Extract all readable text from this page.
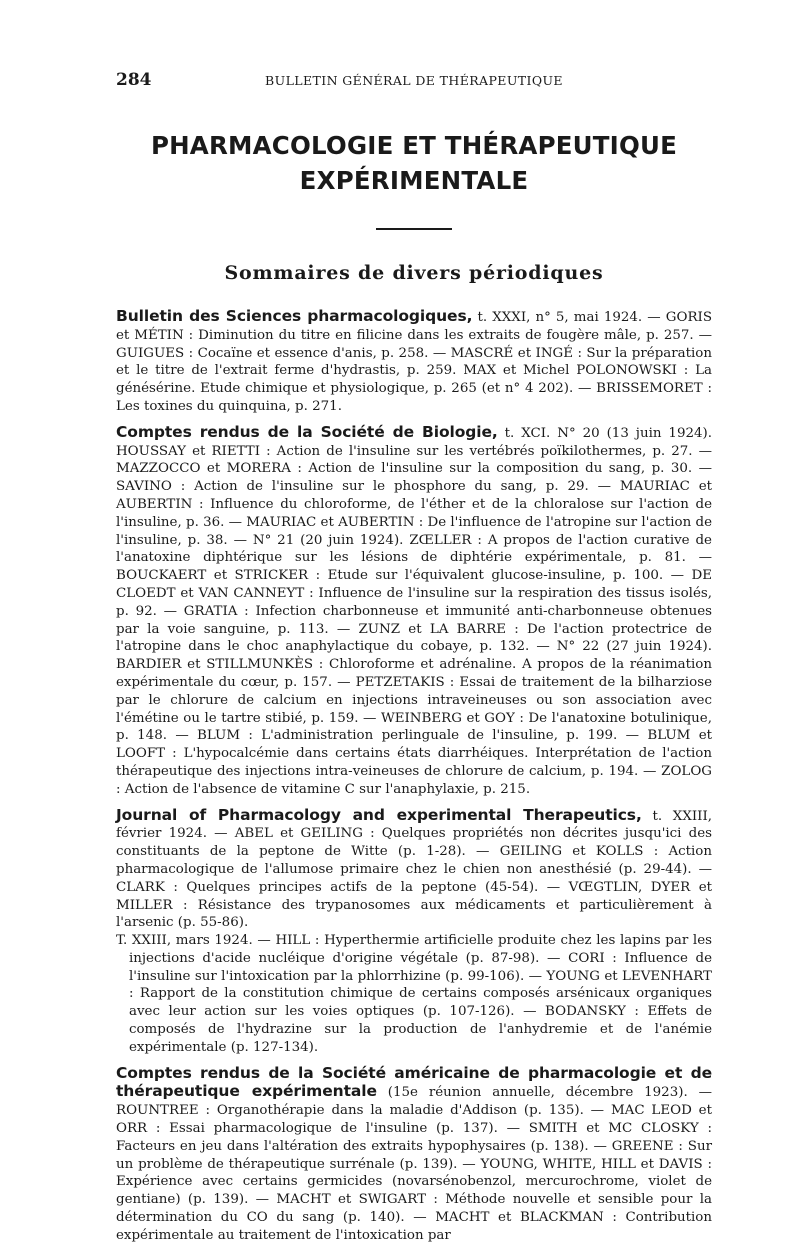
284	BULLETIN GÉNÉRAL DE THÉRAPEUTIQUE
PHARMACOLOGIE ET THÉRAPEUTIQUE
EXPÉRIMENTALE
Sommaires de divers périodiques

Bulletin des Sciences pharmacologiques, t. XXXI, n° 5, mai 1924. — GORIS et MÉTIN : Diminution du titre en filicine dans les extraits de fougère mâle, p. 257. — GUIGUES : Cocaïne et essence d'anis, p. 258. — MASCRÉ et INGÉ : Sur la préparation et le titre de l'extrait ferme d'hydrastis, p. 259. MAX et Michel POLONOWSKI : La génésérine. Etude chimique et physiologique, p. 265 (et n° 4 202). — BRISSEMORET : Les toxines du quinquina, p. 271.

Comptes rendus de la Société de Biologie, t. XCI. N° 20 (13 juin 1924). HOUSSAY et RIETTI : Action de l'insuline sur les vertébrés poïkilothermes, p. 27. — MAZZOCCO et MORERA : Action de l'insuline sur la composition du sang, p. 30. — SAVINO : Action de l'insuline sur le phosphore du sang, p. 29. — MAURIAC et AUBERTIN : Influence du chloroforme, de l'éther et de la chloralose sur l'action de l'insuline, p. 36. — MAURIAC et AUBERTIN : De l'influence de l'atropine sur l'action de l'insuline, p. 38. — N° 21 (20 juin 1924). ZŒLLER : A propos de l'action curative de l'anatoxine diphtérique sur les lésions de diphtérie expérimentale, p. 81. — BOUCKAERT et STRICKER : Etude sur l'équivalent glucose-insuline, p. 100. — DE CLOEDT et VAN CANNEYT : Influence de l'insuline sur la respiration des tissus isolés, p. 92. — GRATIA : Infection charbonneuse et immunité anti-charbonneuse obtenues par la voie sanguine, p. 113. — ZUNZ et LA BARRE : De l'action protectrice de l'atropine dans le choc anaphylactique du cobaye, p. 132. — N° 22 (27 juin 1924). BARDIER et STILLMUNKÈS : Chloroforme et adrénaline. A propos de la réanimation expérimentale du cœur, p. 157. — PETZETAKIS : Essai de traitement de la bilharziose par le chlorure de calcium en injections intraveineuses ou son association avec l'émétine ou le tartre stibié, p. 159. — WEINBERG et GOY : De l'anatoxine botulinique, p. 148. — BLUM : L'administration perlinguale de l'insuline, p. 199. — BLUM et LOOFT : L'hypocalcémie dans certains états diarrhéiques. Interprétation de l'action thérapeutique des injections intra-veineuses de chlorure de calcium, p. 194. — ZOLOG : Action de l'absence de vitamine C sur l'anaphylaxie, p. 215.

Journal of Pharmacology and experimental Therapeutics, t. XXIII, février 1924. — ABEL et GEILING : Quelques propriétés non décrites jusqu'ici des constituants de la peptone de Witte (p. 1-28). — GEILING et KOLLS : Action pharmacologique de l'allumose primaire chez le chien non anesthésié (p. 29-44). — CLARK : Quelques principes actifs de la peptone (45-54). — VŒGTLIN, DYER et MILLER : Résistance des trypanosomes aux médicaments et particulièrement à l'arsenic (p. 55-86).

T. XXIII, mars 1924. — HILL : Hyperthermie artificielle produite chez les lapins par les injections d'acide nucléique d'origine végétale (p. 87-98). — CORI : Influence de l'insuline sur l'intoxication par la phlorrhizine (p. 99-106). — YOUNG et LEVENHART : Rapport de la constitution chimique de certains composés arsénicaux organiques avec leur action sur les voies optiques (p. 107-126). — BODANSKY : Effets de composés de l'hydrazine sur la production de l'anhydremie et de l'anémie expérimentale (p. 127-134).

Comptes rendus de la Société américaine de pharmacologie et de thérapeutique expérimentale (15e réunion annuelle, décembre 1923). — ROUNTREE : Organothérapie dans la maladie d'Addison (p. 135). — MAC LEOD et ORR : Essai pharmacologique de l'insuline (p. 137). — SMITH et MC CLOSKY : Facteurs en jeu dans l'altération des extraits hypophysaires (p. 138). — GREENE : Sur un problème de thérapeutique surrénale (p. 139). — YOUNG, WHITE, HILL et DAVIS : Expérience avec certains germicides (novarsénobenzol, mercurochrome, violet de gentiane) (p. 139). — MACHT et SWIGART : Méthode nouvelle et sensible pour la détermination du CO du sang (p. 140). — MACHT et BLACKMAN : Contribution expérimentale au traitement de l'intoxication par
